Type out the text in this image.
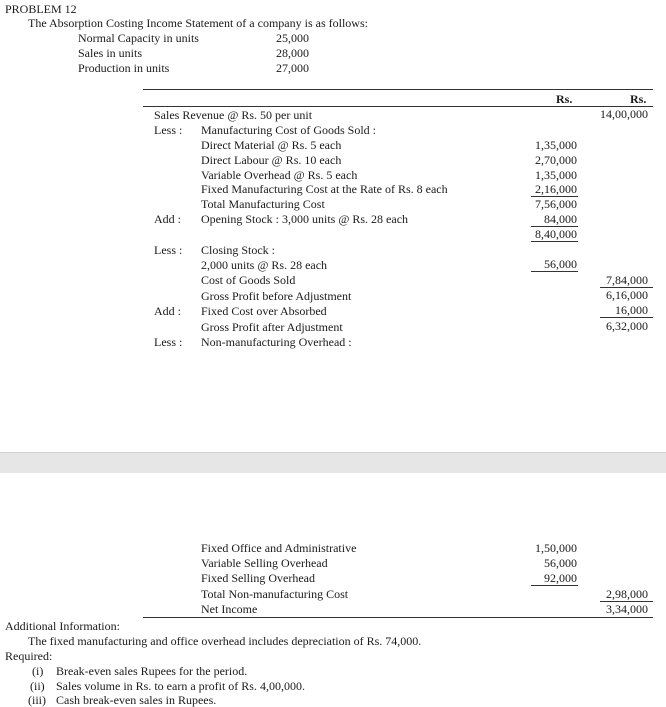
PROBLEM 12
The Absorption Costing Income Statement of a company is as follows:
Normal Capacity in units	25,000
Sales in units	28,000
Production in units	27,000
Rs.	Rs.
Sales Revenue @ Rs. 50 per unit	14,00,000
Less : Manufacturing Cost of Goods Sold :
Direct Material @ Rs. 5 each	1,35,000
Direct Labour @ Rs. 10 each	2,70,000
Variable Overhead @ Rs. 5 each	1,35,000
Fixed Manufacturing Cost at the Rate of Rs. 8 each	2,16,000
Total Manufacturing Cost	7,56,000
Add : Opening Stock : 3,000 units @ Rs. 28 each	84,000
8,40,000
Less : Closing Stock :
2,000 units @ Rs. 28 each	56,000
Cost of Goods Sold	7,84,000
Gross Profit before Adjustment	6,16,000
Add : Fixed Cost over Absorbed	16,000
Gross Profit after Adjustment	6,32,000
Less : Non-manufacturing Overhead :
Fixed Office and Administrative	1,50,000
Variable Selling Overhead	56,000
Fixed Selling Overhead	92,000
Total Non-manufacturing Cost	2,98,000
Net Income	3,34,000
Additional Information:
The fixed manufacturing and office overhead includes depreciation of Rs. 74,000.
Required:
(i) Break-even sales Rupees for the period.
(ii) Sales volume in Rs. to earn a profit of Rs. 4,00,000.
(iii) Cash break-even sales in Rupees.
